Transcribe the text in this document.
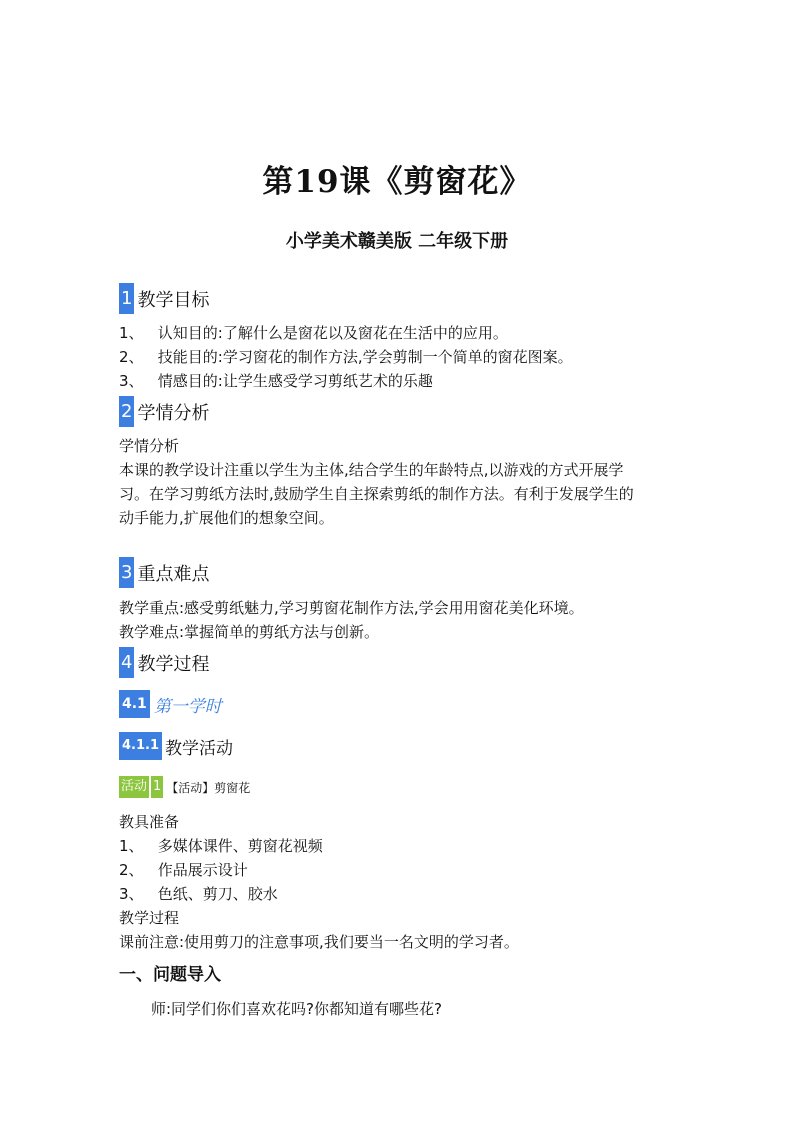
第19课《剪窗花》
小学美术赣美版 二年级下册
1 教学目标
1、 认知目的:了解什么是窗花以及窗花在生活中的应用。
2、 技能目的:学习窗花的制作方法,学会剪制一个简单的窗花图案。
3、 情感目的:让学生感受学习剪纸艺术的乐趣
2 学情分析
学情分析
本课的教学设计注重以学生为主体,结合学生的年龄特点,以游戏的方式开展学
习。在学习剪纸方法时,鼓励学生自主探索剪纸的制作方法。有利于发展学生的
动手能力,扩展他们的想象空间。
3 重点难点
教学重点:感受剪纸魅力,学习剪窗花制作方法,学会用用窗花美化环境。
教学难点:掌握简单的剪纸方法与创新。
4 教学过程
4.1 第一学时
4.1.1 教学活动
活动 1 【活动】剪窗花
教具准备
1、 多媒体课件、剪窗花视频
2、 作品展示设计
3、 色纸、剪刀、胶水
教学过程
课前注意:使用剪刀的注意事项,我们要当一名文明的学习者。
一、问题导入
师:同学们你们喜欢花吗?你都知道有哪些花?
